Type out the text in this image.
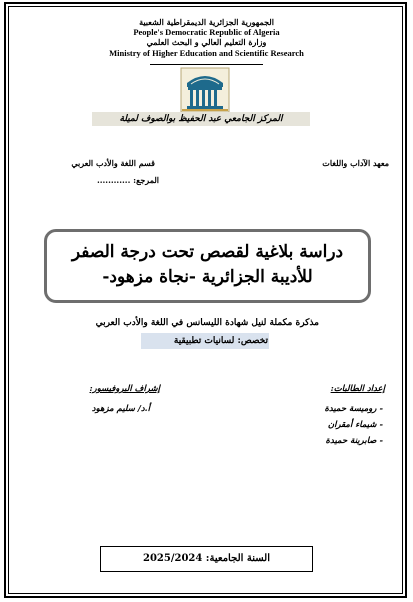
الجمهورية الجزائرية الديمقراطية الشعبية
People's Democratic Republic of Algeria
وزارة التعليم العالي و البحث العلمي
Ministry of Higher Education and Scientific Research
المركز الجامعي عبد الحفيظ بوالصوف لميلة
معهد الآداب واللغات
قسم اللغة والأدب العربي
المرجع: ............
دراسة بلاغية لقصص تحت درجة الصفر
للأديبة الجزائرية -نجاة مزهود-
مذكرة مكملة لنيل شهادة الليسانس في اللغة والأدب العربي
تخصص: لسانيات تطبيقية
إعداد الطالبات:
إشراف البروفيسور:
- روميسة حميدة
- شيماء أمقران
- صابرينة حميدة
أ.د/ سليم مزهود
السنة الجامعية: 2025/2024
